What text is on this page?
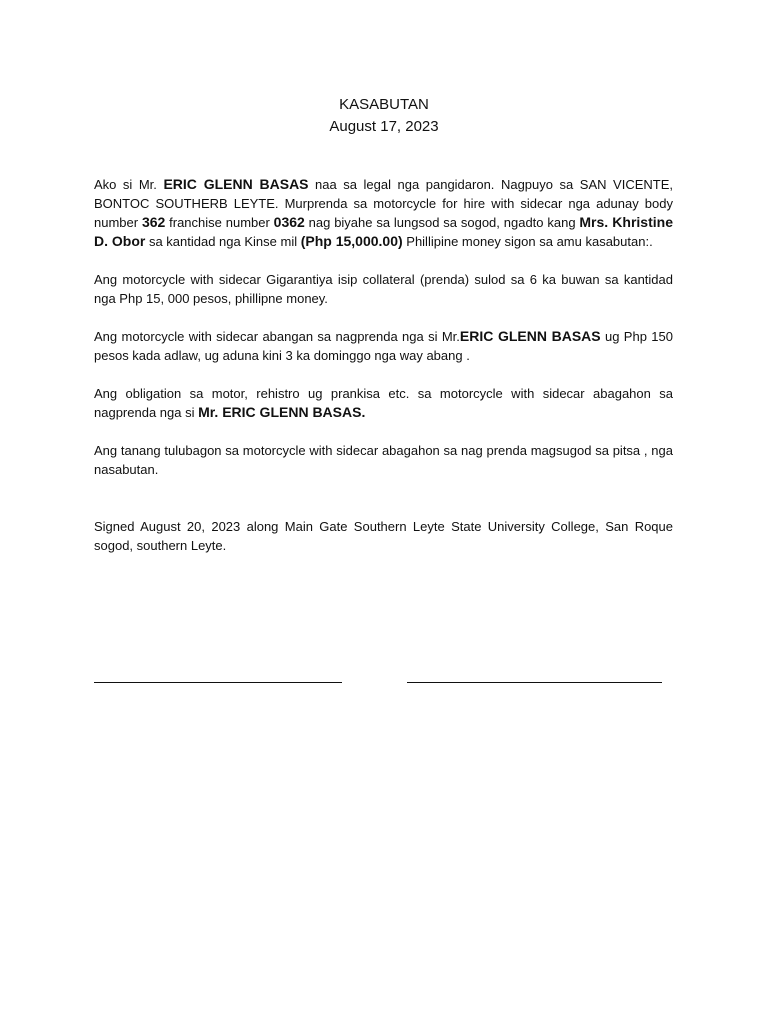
KASABUTAN
August 17, 2023

Ako si Mr. ERIC GLENN BASAS naa sa legal nga pangidaron. Nagpuyo sa SAN VICENTE, BONTOC SOUTHERB LEYTE. Murprenda sa motorcycle for hire with sidecar nga adunay body number 362 franchise number 0362 nag biyahe sa lungsod sa sogod, ngadto kang Mrs. Khristine D. Obor sa kantidad nga Kinse mil (Php 15,000.00) Phillipine money sigon sa amu kasabutan:.

Ang motorcycle with sidecar Gigarantiya isip collateral (prenda) sulod sa 6 ka buwan sa kantidad nga Php 15, 000 pesos, phillipne money.

Ang motorcycle with sidecar abangan sa nagprenda nga si Mr.ERIC GLENN BASAS ug Php 150 pesos kada adlaw, ug aduna kini 3 ka dominggo nga way abang .

Ang obligation sa motor, rehistro ug prankisa etc. sa motorcycle with sidecar abagahon sa nagprenda nga si Mr. ERIC GLENN BASAS.

Ang tanang tulubagon sa motorcycle with sidecar abagahon sa nag prenda magsugod sa pitsa , nga nasabutan.

Signed August 20, 2023 along Main Gate Southern Leyte State University College, San Roque sogod, southern Leyte.
